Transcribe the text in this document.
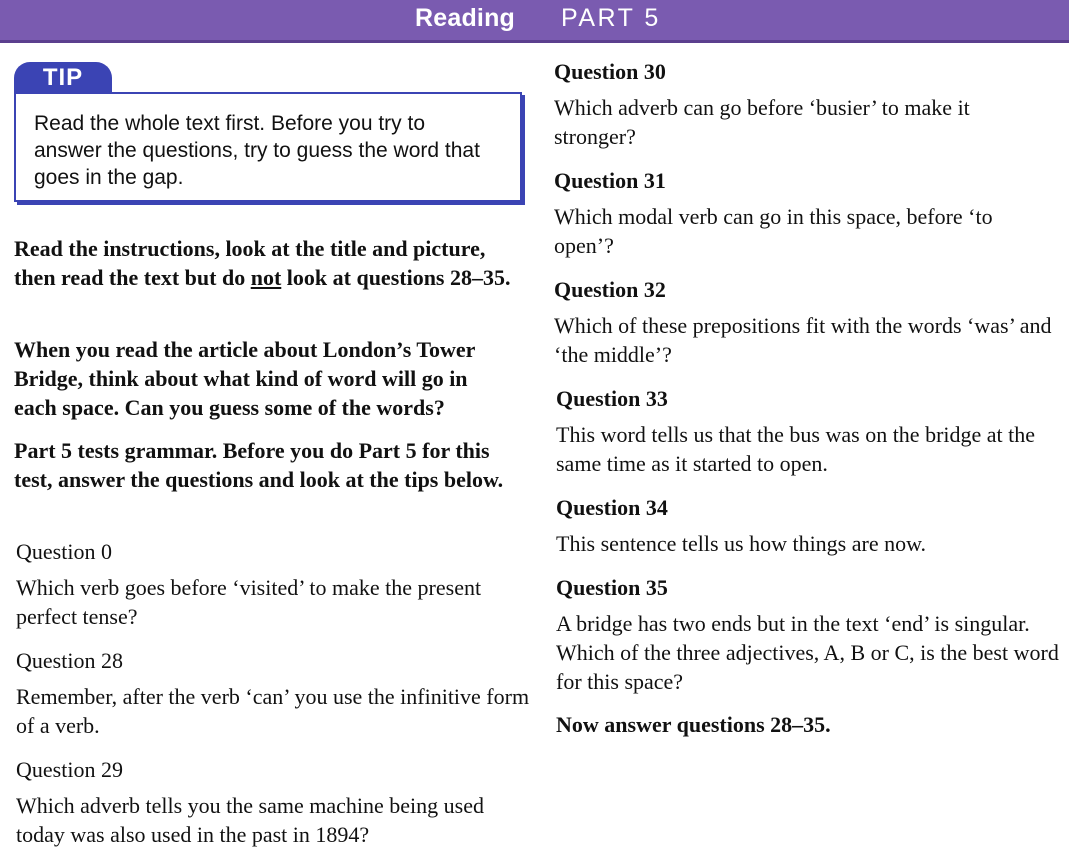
Reading PART 5
TIP

Read the whole text first. Before you try to answer the questions, try to guess the word that goes in the gap.

Read the instructions, look at the title and picture, then read the text but do not look at questions 28–35.

When you read the article about London’s Tower Bridge, think about what kind of word will go in each space. Can you guess some of the words?

Part 5 tests grammar. Before you do Part 5 for this test, answer the questions and look at the tips below.

Question 0

Which verb goes before ‘visited’ to make the present perfect tense?

Question 28

Remember, after the verb ‘can’ you use the infinitive form of a verb.

Question 29

Which adverb tells you the same machine being used today was also used in the past in 1894?

Question 30

Which adverb can go before ‘busier’ to make it stronger?

Question 31

Which modal verb can go in this space, before ‘to open’?

Question 32

Which of these prepositions fit with the words ‘was’ and ‘the middle’?

Question 33

This word tells us that the bus was on the bridge at the same time as it started to open.

Question 34

This sentence tells us how things are now.

Question 35

A bridge has two ends but in the text ‘end’ is singular. Which of the three adjectives, A, B or C, is the best word for this space?

Now answer questions 28–35.
